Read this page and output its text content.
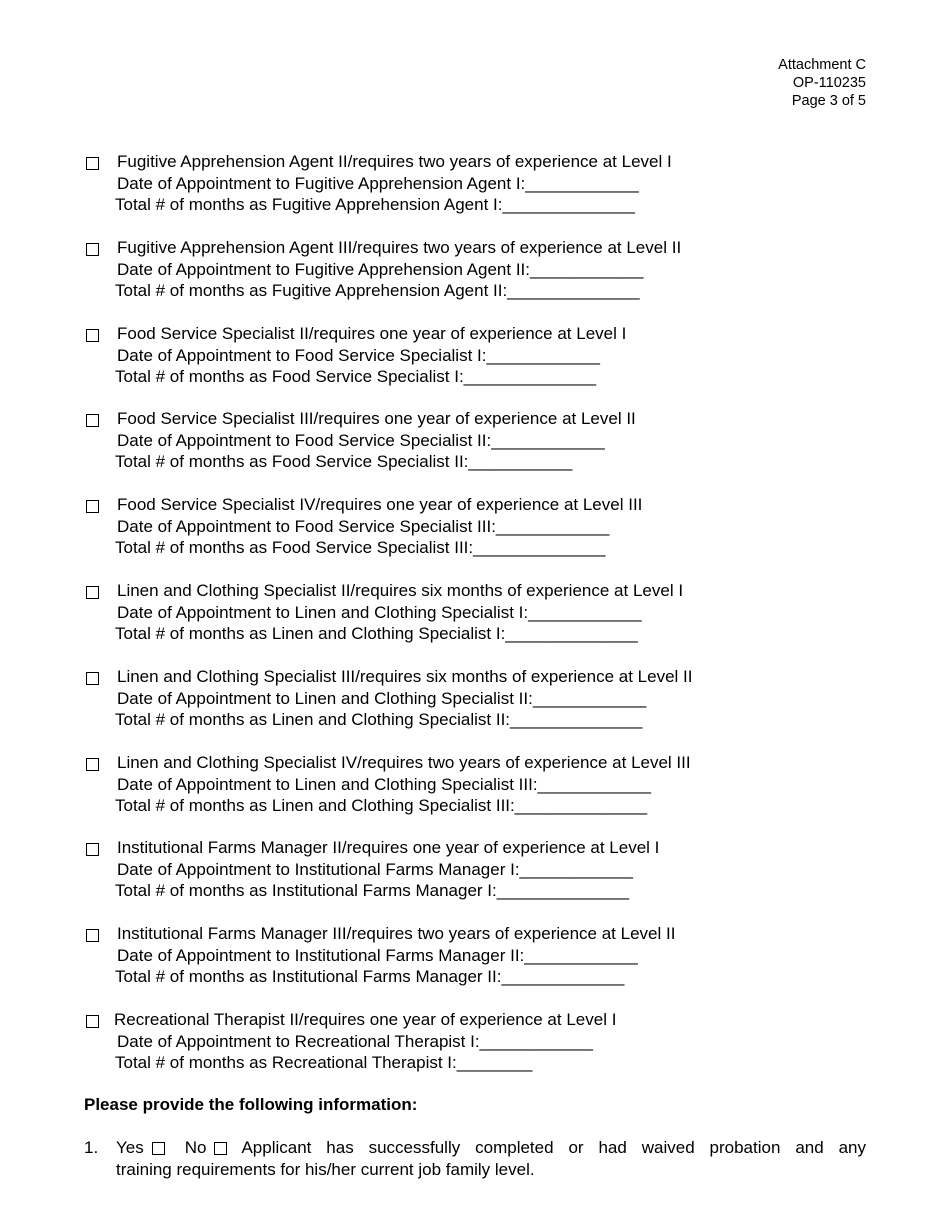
Attachment C
OP-110235
Page 3 of 5
Fugitive Apprehension Agent II/requires two years of experience at Level I
Date of Appointment to Fugitive Apprehension Agent I:____________
Total # of months as Fugitive Apprehension Agent I:______________
Fugitive Apprehension Agent III/requires two years of experience at Level II
Date of Appointment to Fugitive Apprehension Agent II:____________
Total # of months as Fugitive Apprehension Agent II:______________
Food Service Specialist II/requires one year of experience at Level I
Date of Appointment to Food Service Specialist I:____________
Total # of months as Food Service Specialist I:______________
Food Service Specialist III/requires one year of experience at Level II
Date of Appointment to Food Service Specialist II:____________
Total # of months as Food Service Specialist II:___________
Food Service Specialist IV/requires one year of experience at Level III
Date of Appointment to Food Service Specialist III:____________
Total # of months as Food Service Specialist III:______________
Linen and Clothing Specialist II/requires six months of experience at Level I
Date of Appointment to Linen and Clothing Specialist I:____________
Total # of months as Linen and Clothing Specialist I:______________
Linen and Clothing Specialist III/requires six months of experience at Level II
Date of Appointment to Linen and Clothing Specialist II:____________
Total # of months as Linen and Clothing Specialist II:______________
Linen and Clothing Specialist IV/requires two years of experience at Level III
Date of Appointment to Linen and Clothing Specialist III:____________
Total # of months as Linen and Clothing Specialist III:______________
Institutional Farms Manager II/requires one year of experience at Level I
Date of Appointment to Institutional Farms Manager I:____________
Total # of months as Institutional Farms Manager I:______________
Institutional Farms Manager III/requires two years of experience at Level II
Date of Appointment to Institutional Farms Manager II:____________
Total # of months as Institutional Farms Manager II:_____________
Recreational Therapist II/requires one year of experience at Level I
Date of Appointment to Recreational Therapist I:____________
Total # of months as Recreational Therapist I:________
Please provide the following information:
1. Yes No Applicant has successfully completed or had waived probation and any
training requirements for his/her current job family level.
